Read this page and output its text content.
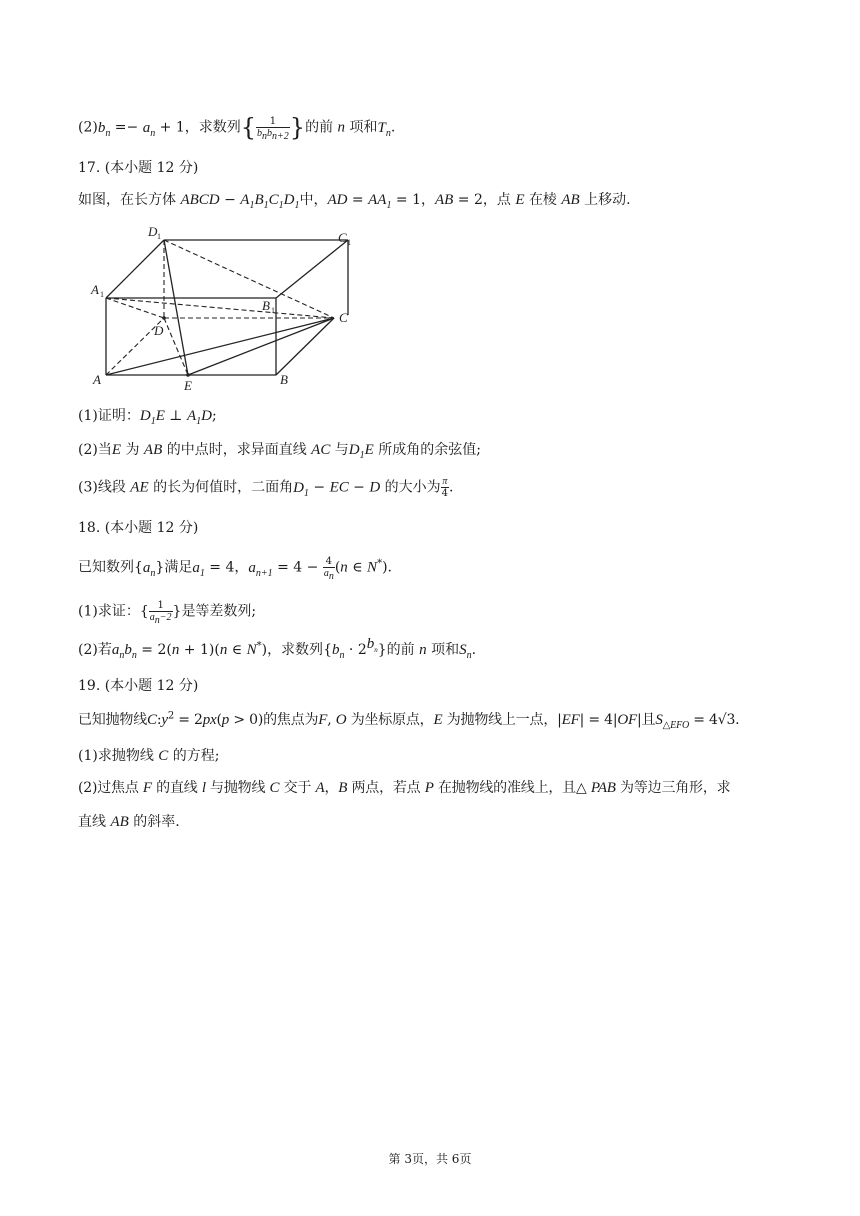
$(2)b_n =- a_n + 1$，求数列{ $\frac{1}{b_nb_{n+2}}$ }的前 n 项和$T_n$.
17. (本小题 12 分)
如图，在长方体 ABCD − $A_1B_1C_1D_1$中，AD = $AA_1 = 1$，AB = 2，点 E 在棱 AB 上移动.
D 1	C 1
A 1
B 1
D
C
A	E	B
(1)证明：$D_1E$ ⊥ $A_1D$;
(2)当E 为 AB 的中点时，求异面直线 AC 与$D_1E$ 所成角的余弦值;
(3)线段 AE 的长为何值时，二面角$D_1$ − EC − D 的大小为 $\frac{\pi}{4}$ .
18. (本小题 12 分)
已知数列$\{a_n\}$满足$a_1 = 4$，$a_{n+1} = 4 - \frac{4}{a_n} (n$ ∈ N*).
(1)求证：{ $\frac{1}{a_n-2}$ }是等差数列;
(2)若$a_nb_n = 2(n + 1)(n$ ∈ N*)，求数列$\{b_n \cdot 2^{b_n}\}$的前 n 项和$S_n$.
19. (本小题 12 分)
已知抛物线$C:y^2 = 2px(p > 0)$的焦点为F, O 为坐标原点，E 为抛物线上一点，|EF| = 4|OF|且$S_{\triangle EFO} = 4√3$.
(1)求抛物线 C 的方程;
(2)过焦点 F 的直线 l 与抛物线 C 交于 A，B 两点，若点 P 在抛物线的准线上，且△ PAB 为等边三角形，求
直线 AB 的斜率.
第 3页，共 6页
